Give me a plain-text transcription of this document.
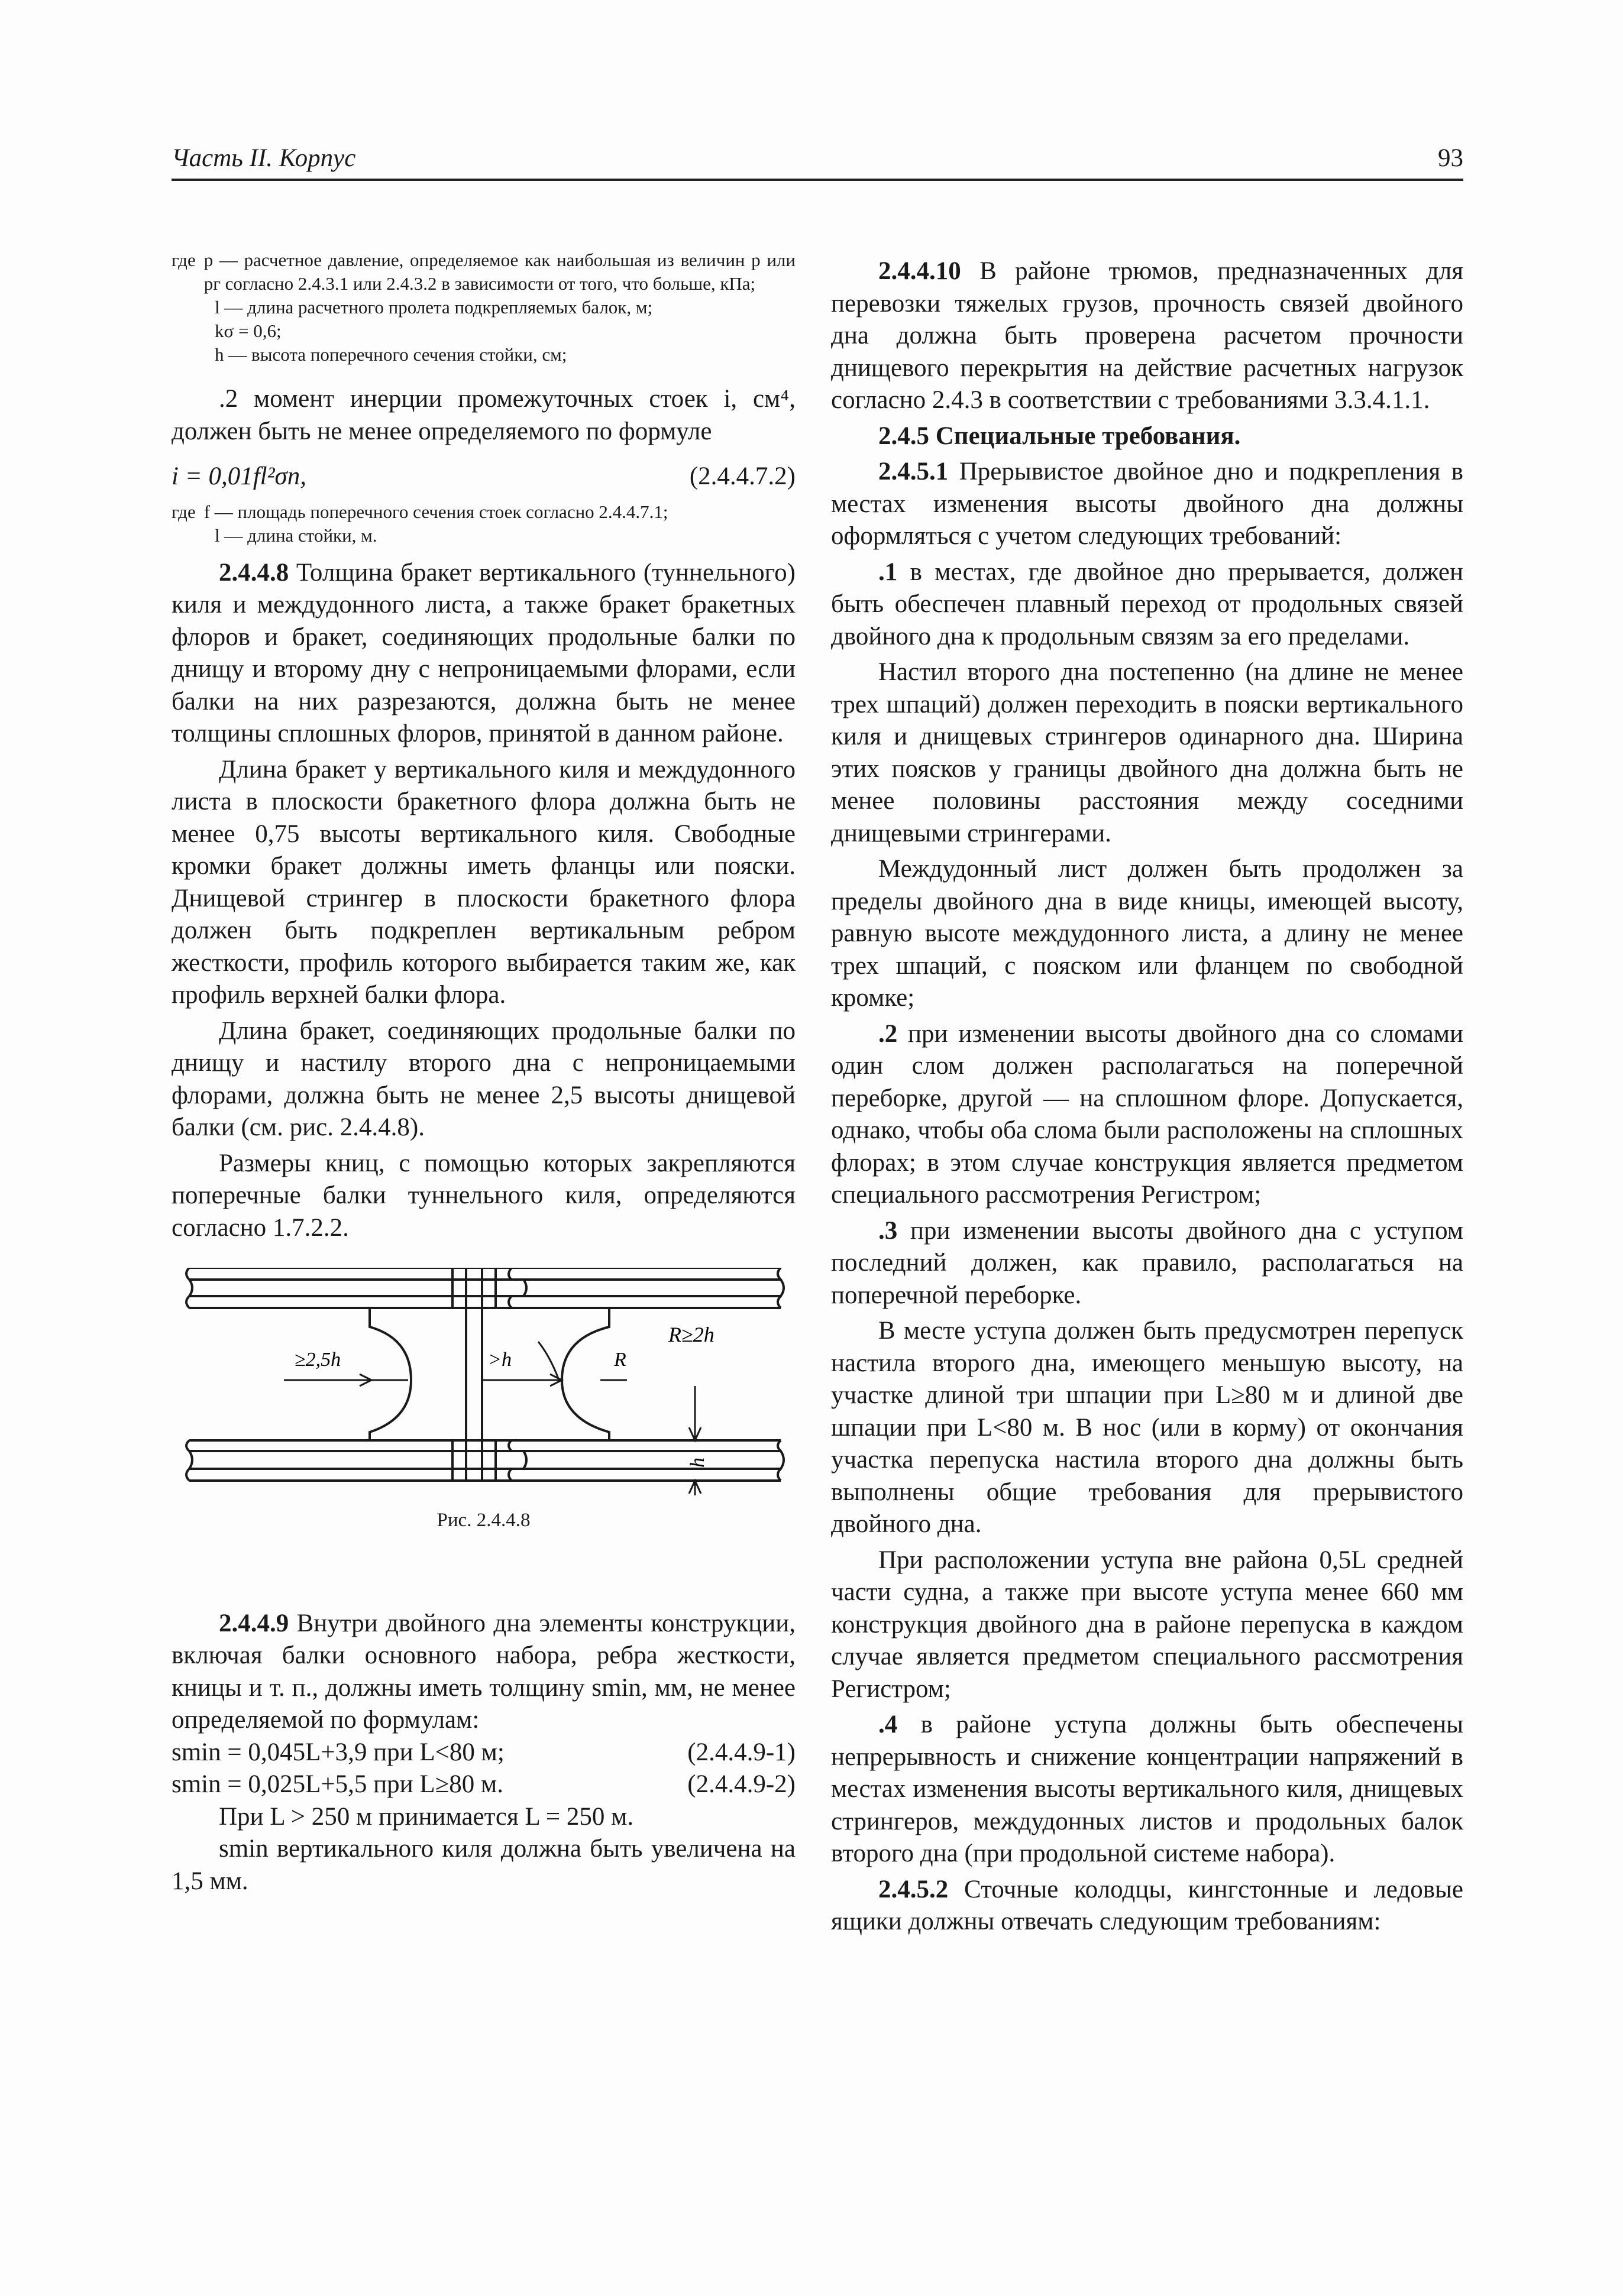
Часть II. Корпус	93
где p — расчетное давление, определяемое как наибольшая из величин p или pг согласно 2.4.3.1 или 2.4.3.2 в зависимости от того, что больше, кПа;
l — длина расчетного пролета подкрепляемых балок, м;
kσ = 0,6;
h — высота поперечного сечения стойки, см;

.2 момент инерции промежуточных стоек i, см⁴, должен быть не менее определяемого по формуле

i = 0,01fl²σn,	(2.4.4.7.2)
где f — площадь поперечного сечения стоек согласно 2.4.4.7.1;
l — длина стойки, м.

2.4.4.8 Толщина бракет вертикального (туннельного) киля и междудонного листа, а также бракет бракетных флоров и бракет, соединяющих продольные балки по днищу и второму дну с непроницаемыми флорами, если балки на них разрезаются, должна быть не менее толщины сплошных флоров, принятой в данном районе.

Длина бракет у вертикального киля и междудонного листа в плоскости бракетного флора должна быть не менее 0,75 высоты вертикального киля. Свободные кромки бракет должны иметь фланцы или пояски. Днищевой стрингер в плоскости бракетного флора должен быть подкреплен вертикальным ребром жесткости, профиль которого выбирается таким же, как профиль верхней балки флора.

Длина бракет, соединяющих продольные балки по днищу и настилу второго дна с непроницаемыми флорами, должна быть не менее 2,5 высоты днищевой балки (см. рис. 2.4.4.8).

Размеры книц, с помощью которых закрепляются поперечные балки туннельного киля, определяются согласно 1.7.2.2.

≥2,5h	>h	R
R≥2h
h
Рис. 2.4.4.8

2.4.4.9 Внутри двойного дна элементы конструкции, включая балки основного набора, ребра жесткости, кницы и т. п., должны иметь толщину smin, мм, не менее определяемой по формулам:

smin = 0,045L+3,9 при L<80 м;	(2.4.4.9-1)
smin = 0,025L+5,5 при L≥80 м.	(2.4.4.9-2)

При L > 250 м принимается L = 250 м.

smin вертикального киля должна быть увеличена на 1,5 мм.

2.4.4.10 В районе трюмов, предназначенных для перевозки тяжелых грузов, прочность связей двойного дна должна быть проверена расчетом прочности днищевого перекрытия на действие расчетных нагрузок согласно 2.4.3 в соответствии с требованиями 3.3.4.1.1.

2.4.5 Специальные требования.

2.4.5.1 Прерывистое двойное дно и подкрепления в местах изменения высоты двойного дна должны оформляться с учетом следующих требований:

.1 в местах, где двойное дно прерывается, должен быть обеспечен плавный переход от продольных связей двойного дна к продольным связям за его пределами.

Настил второго дна постепенно (на длине не менее трех шпаций) должен переходить в пояски вертикального киля и днищевых стрингеров одинарного дна. Ширина этих поясков у границы двойного дна должна быть не менее половины расстояния между соседними днищевыми стрингерами.

Междудонный лист должен быть продолжен за пределы двойного дна в виде кницы, имеющей высоту, равную высоте междудонного листа, а длину не менее трех шпаций, с пояском или фланцем по свободной кромке;

.2 при изменении высоты двойного дна со сломами один слом должен располагаться на поперечной переборке, другой — на сплошном флоре. Допускается, однако, чтобы оба слома были расположены на сплошных флорах; в этом случае конструкция является предметом специального рассмотрения Регистром;

.3 при изменении высоты двойного дна с уступом последний должен, как правило, располагаться на поперечной переборке.

В месте уступа должен быть предусмотрен перепуск настила второго дна, имеющего меньшую высоту, на участке длиной три шпации при L≥80 м и длиной две шпации при L<80 м. В нос (или в корму) от окончания участка перепуска настила второго дна должны быть выполнены общие требования для прерывистого двойного дна.

При расположении уступа вне района 0,5L средней части судна, а также при высоте уступа менее 660 мм конструкция двойного дна в районе перепуска в каждом случае является предметом специального рассмотрения Регистром;

.4 в районе уступа должны быть обеспечены непрерывность и снижение концентрации напряжений в местах изменения высоты вертикального киля, днищевых стрингеров, междудонных листов и продольных балок второго дна (при продольной системе набора).

2.4.5.2 Сточные колодцы, кингстонные и ледовые ящики должны отвечать следующим требованиям:
